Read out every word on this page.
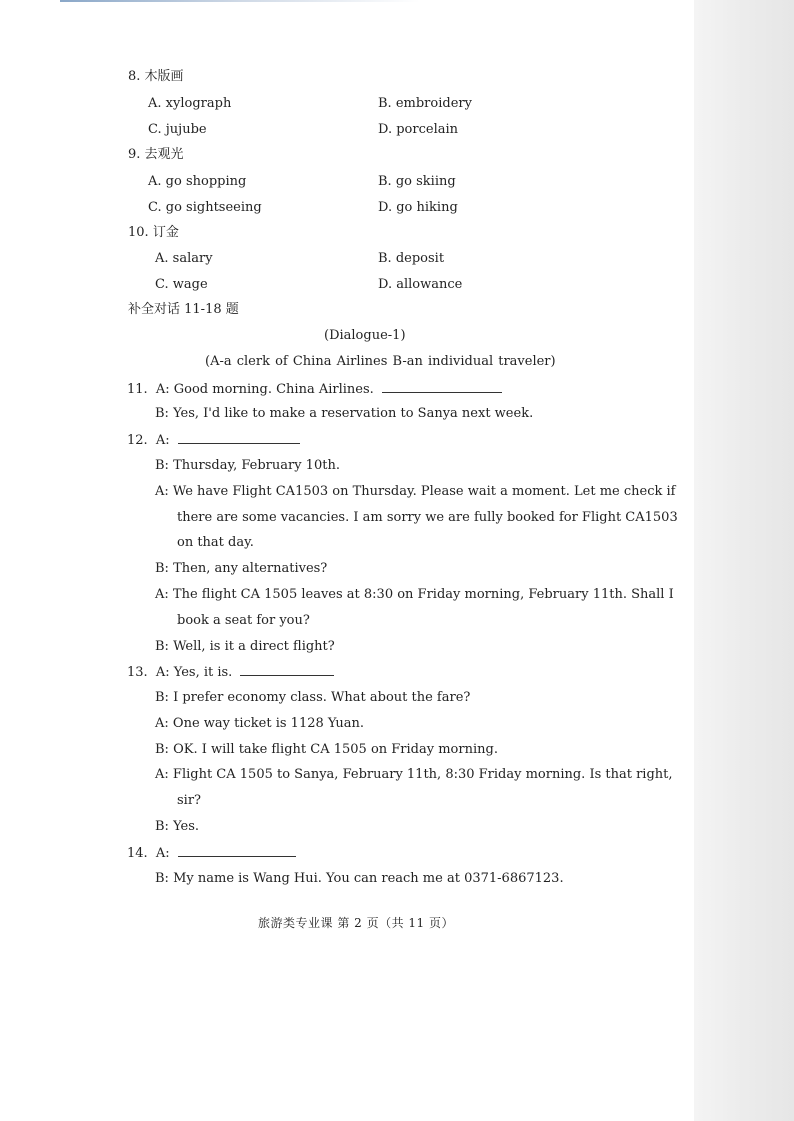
8. 木版画
A. xylograph	B. embroidery
C. jujube	D. porcelain
9. 去观光
A. go shopping	B. go skiing
C. go sightseeing	D. go hiking
10. 订金
A. salary	B. deposit
C. wage	D. allowance
补全对话 11-18 题
(Dialogue-1)
(A-a clerk of China Airlines B-an individual traveler)
11. A: Good morning. China Airlines.
B: Yes, I'd like to make a reservation to Sanya next week.
12. A:
B: Thursday, February 10th.
A: We have Flight CA1503 on Thursday. Please wait a moment. Let me check if
there are some vacancies. I am sorry we are fully booked for Flight CA1503
on that day.
B: Then, any alternatives?
A: The flight CA 1505 leaves at 8:30 on Friday morning, February 11th. Shall I
book a seat for you?
B: Well, is it a direct flight?
13. A: Yes, it is.
B: I prefer economy class. What about the fare?
A: One way ticket is 1128 Yuan.
B: OK. I will take flight CA 1505 on Friday morning.
A: Flight CA 1505 to Sanya, February 11th, 8:30 Friday morning. Is that right,
sir?
B: Yes.
14. A:
B: My name is Wang Hui. You can reach me at 0371-6867123.
旅游类专业课 第 2 页（共 11 页）
